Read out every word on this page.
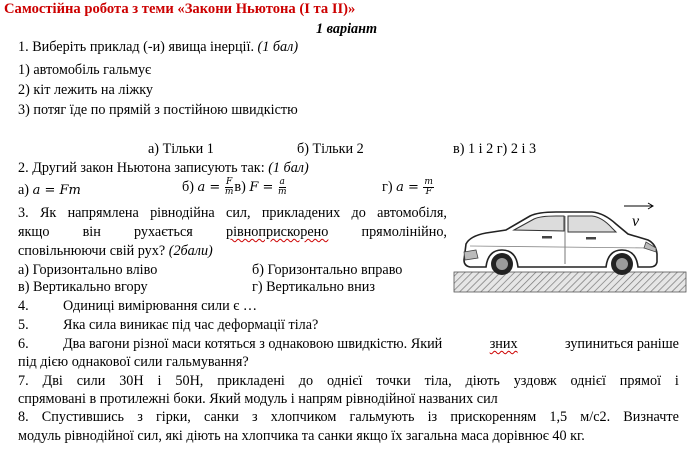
Самостійна робота з теми «Закони Ньютона (І та ІІ)»
1 варіант
1. Виберіть приклад (-и) явища інерції. (1 бал)
1) автомобіль гальмує
2) кіт лежить на ліжку
3) потяг їде по прямій з постійною швидкістю
а) Тільки 1	б) Тільки 2	в) 1 і 2 г) 2 і 3
2. Другий закон Ньютона записують так: (1 бал)
а) a = Fm	б) $a = \frac{F}{m} в$) $F = \frac{a}{m}$	г) $a = \frac{m}{F}$
3. Як напрямлена рівнодійна сил, прикладених до автомобіля,
якщо він рухається рівноприскорено прямолінійно,
сповільнюючи свій рух? (2бали)
а) Горизонтально вліво	б) Горизонтально вправо
в) Вертикально вгору	г) Вертикально вниз
v
4. Одиниці вимірювання сили є …
5. Яка сила виникає під час деформації тіла?
6. Два вагони різної маси котяться з однаковою швидкістю. Який	зних	зупиниться раніше
під дією однакової сили гальмування?
7. Дві сили 30Н і 50Н, прикладені до однієї точки тіла, діють уздовж однієї прямої і
спрямовані в протилежні боки. Який модуль і напрям рівнодійної названих сил
8. Спустившись з гірки, санки з хлопчиком гальмують із прискоренням 1,5 м/с2. Визначте
модуль рівнодійної сил, які діють на хлопчика та санки якщо їх загальна маса дорівнює 40 кг.
